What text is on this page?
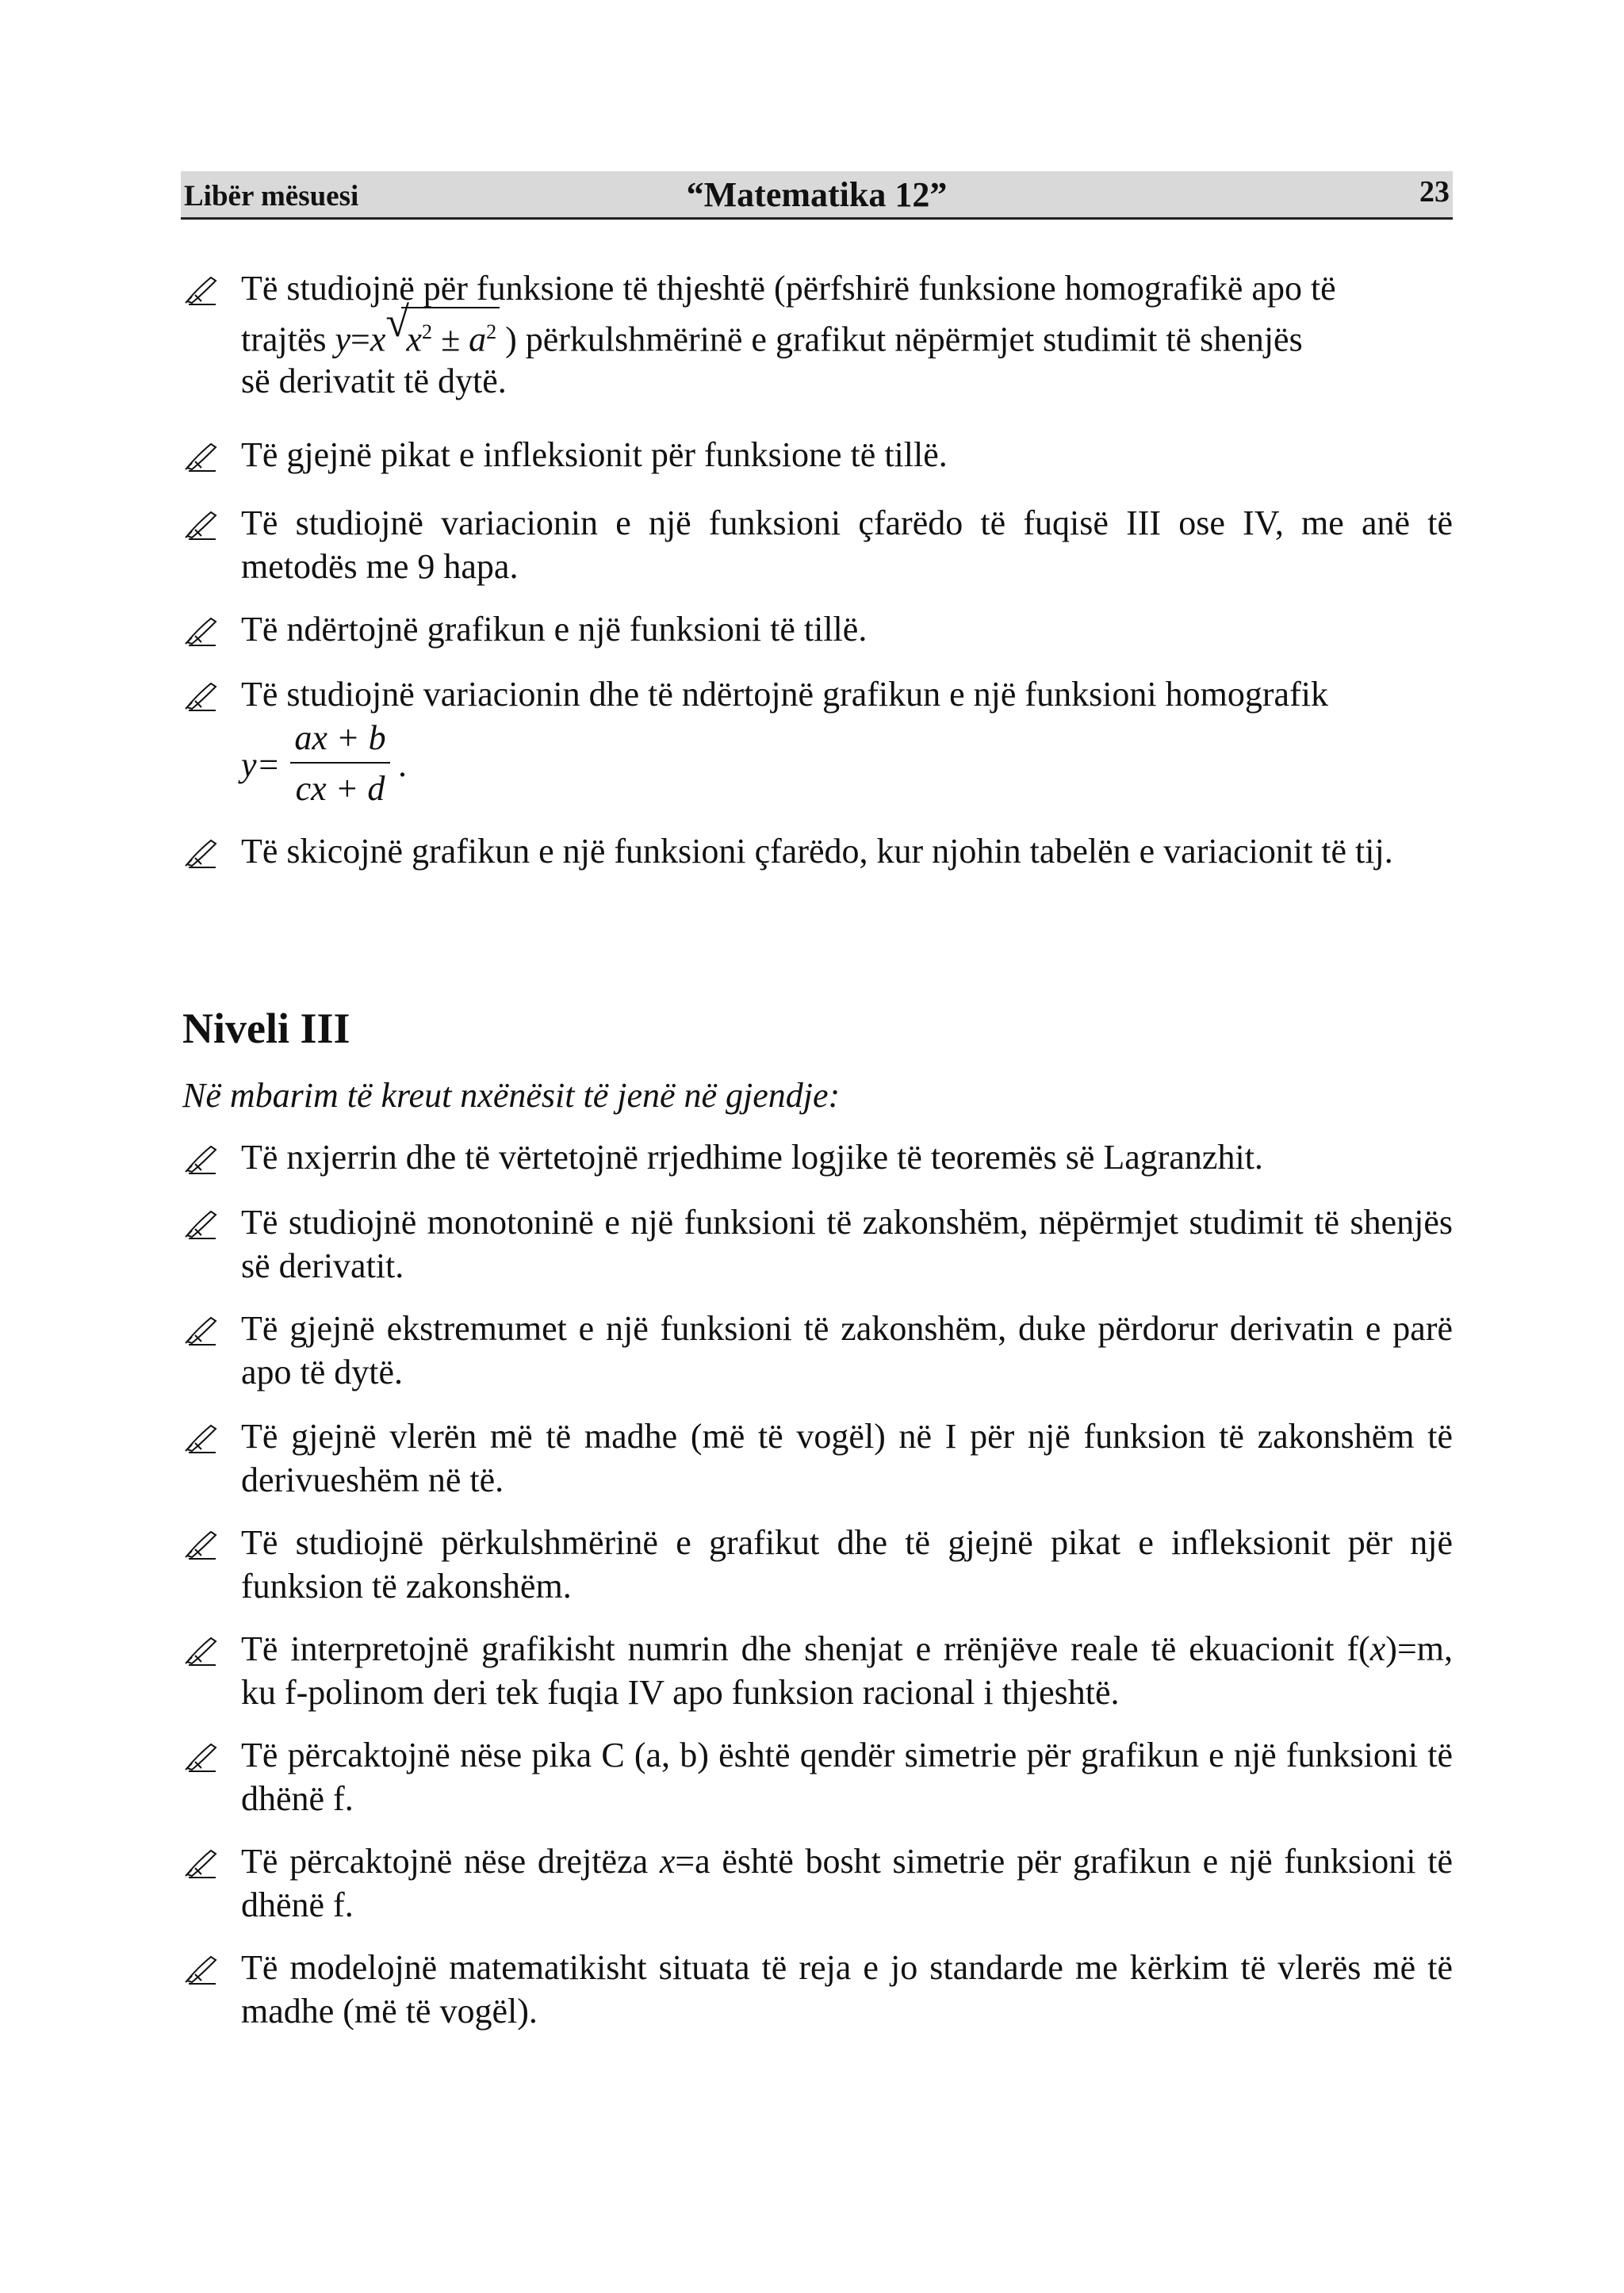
Libër mësuesi	“Matematika 12”	23
Të studiojnë për funksione të thjeshtë (përfshirë funksione homografikë apo të
trajtës y=x √
$x^2 \pm a^2$ ) përkulshmërinë e grafikut nëpërmjet studimit të shenjës
së derivatit të dytë.
Të gjejnë pikat e infleksionit për funksione të tillë.
Të studiojnë variacionin e një funksioni çfarëdo të fuqisë III ose IV, me anë të metodës me 9 hapa.
Të ndërtojnë grafikun e një funksioni të tillë.
Të studiojnë variacionin dhe të ndërtojnë grafikun e një funksioni homografik
y=
ax + b
cx + d
.
Të skicojnë grafikun e një funksioni çfarëdo, kur njohin tabelën e variacionit të tij.
Niveli III
Në mbarim të kreut nxënësit të jenë në gjendje:
Të nxjerrin dhe të vërtetojnë rrjedhime logjike të teoremës së Lagranzhit.
Të studiojnë monotoninë e një funksioni të zakonshëm, nëpërmjet studimit të shenjës së derivatit.
Të gjejnë ekstremumet e një funksioni të zakonshëm, duke përdorur derivatin e parë apo të dytë.
Të gjejnë vlerën më të madhe (më të vogël) në I për një funksion të zakonshëm të derivueshëm në të.
Të studiojnë përkulshmërinë e grafikut dhe të gjejnë pikat e infleksionit për një funksion të zakonshëm.
Të interpretojnë grafikisht numrin dhe shenjat e rrënjëve reale të ekuacionit f(x)=m, ku f-polinom deri tek fuqia IV apo funksion racional i thjeshtë.
Të përcaktojnë nëse pika C (a, b) është qendër simetrie për grafikun e një funksioni të dhënë f.
Të përcaktojnë nëse drejtëza x=a është bosht simetrie për grafikun e një funksioni të dhënë f.
Të modelojnë matematikisht situata të reja e jo standarde me kërkim të vlerës më të madhe (më të vogël).
